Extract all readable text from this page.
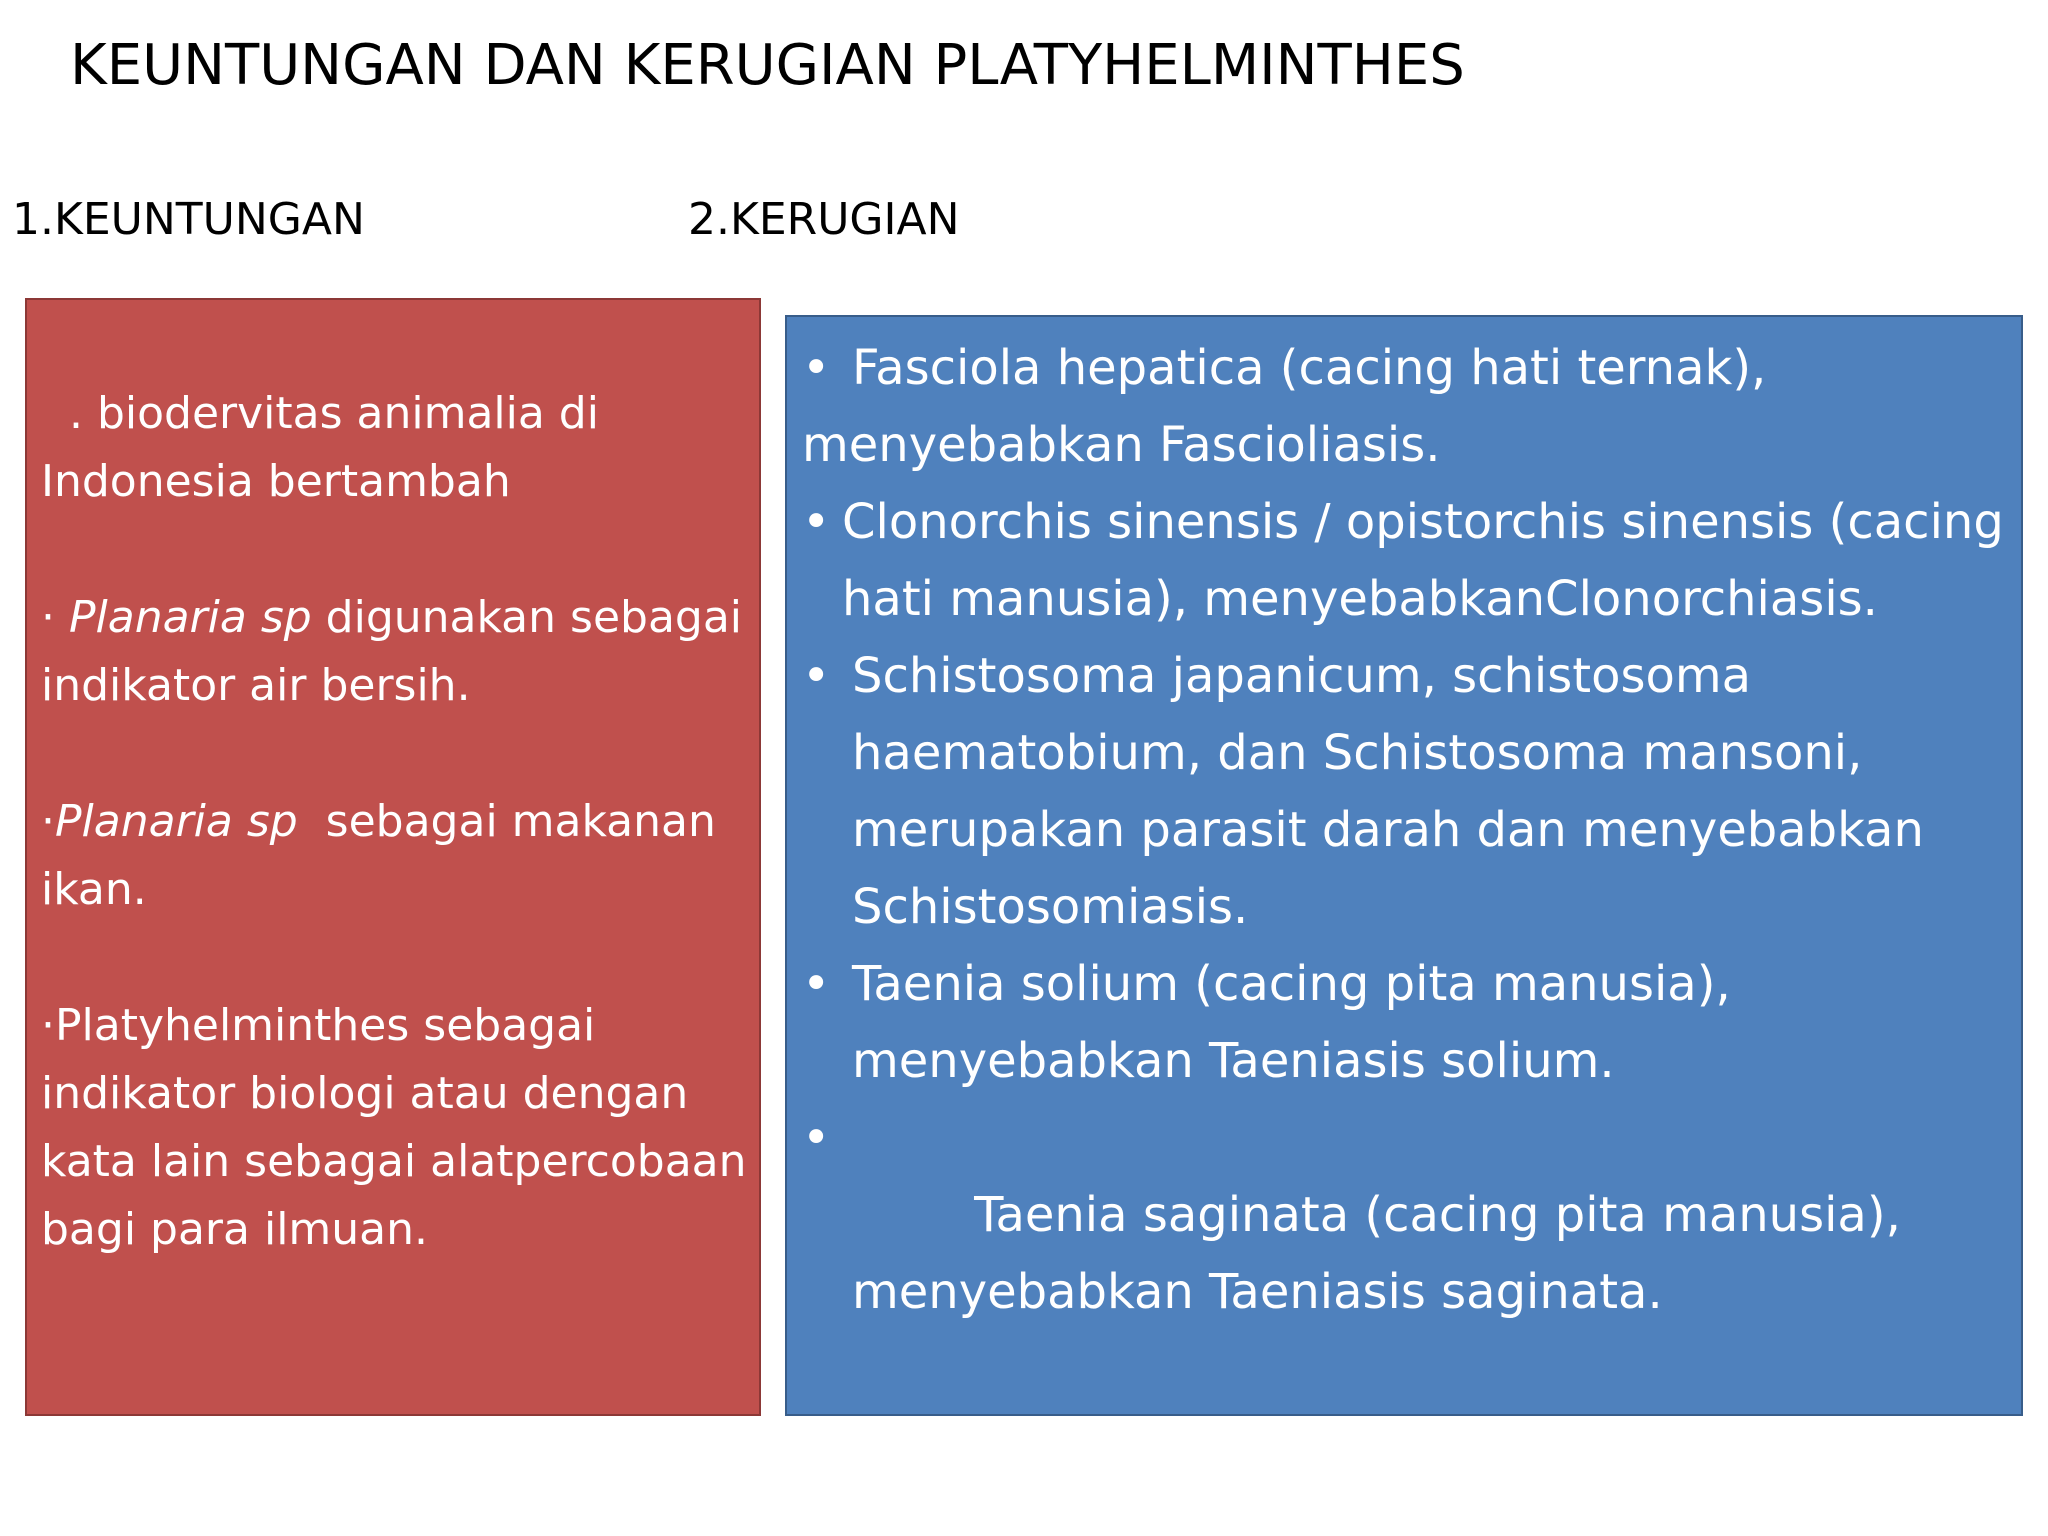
KEUNTUNGAN DAN KERUGIAN PLATYHELMINTHES
1.KEUNTUNGAN	2.KERUGIAN

. biodervitas animalia di Indonesia bertambah

· Planaria sp digunakan sebagai indikator air bersih.

·Planaria sp  sebagai makanan ikan.

·Platyhelminthes sebagai indikator biologi atau dengan kata lain sebagai alatpercobaan bagi para ilmuan.

• Fasciola hepatica (cacing hati ternak),
menyebabkan Fascioliasis.
• Clonorchis sinensis / opistorchis sinensis (cacing hati manusia), menyebabkanClonorchiasis.
• Schistosoma japanicum, schistosoma haematobium, dan Schistosoma mansoni, merupakan parasit darah dan menyebabkan Schistosomiasis.
• Taenia solium (cacing pita manusia), menyebabkan Taeniasis solium.

•
Taenia saginata (cacing pita manusia), menyebabkan Taeniasis saginata.
